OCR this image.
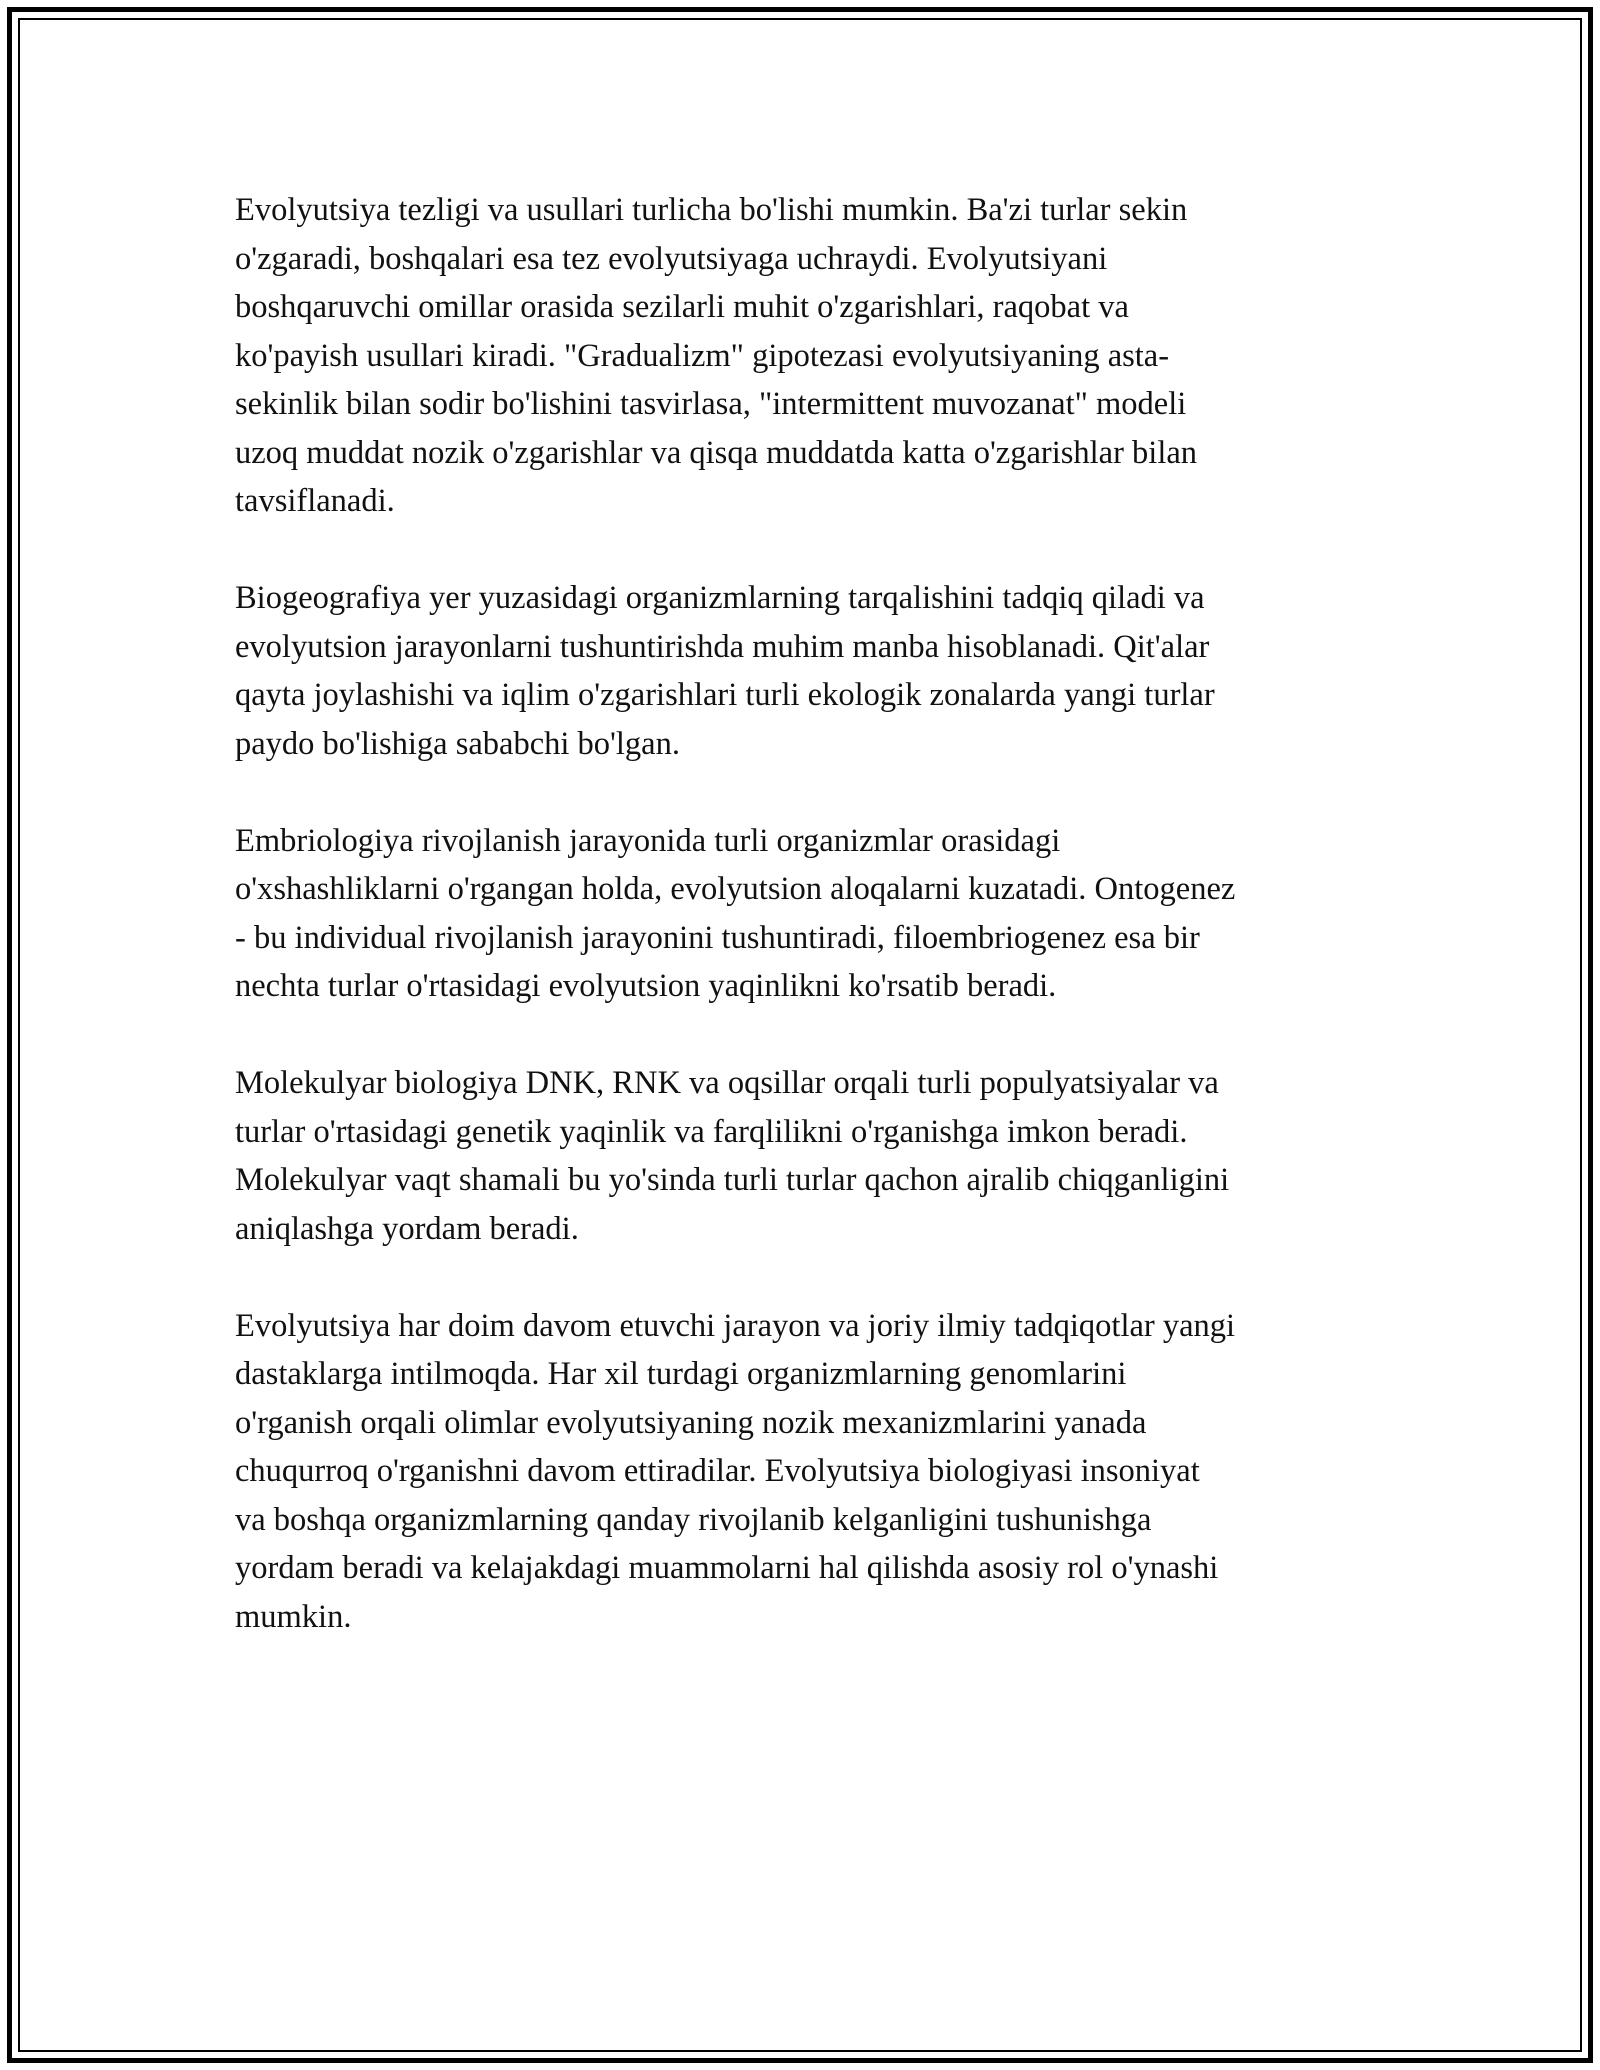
Evolyutsiya tezligi va usullari turlicha bo'lishi mumkin. Ba'zi turlar sekin
o'zgaradi, boshqalari esa tez evolyutsiyaga uchraydi. Evolyutsiyani
boshqaruvchi omillar orasida sezilarli muhit o'zgarishlari, raqobat va
ko'payish usullari kiradi. "Gradualizm" gipotezasi evolyutsiyaning asta-
sekinlik bilan sodir bo'lishini tasvirlasa, "intermittent muvozanat" modeli
uzoq muddat nozik o'zgarishlar va qisqa muddatda katta o'zgarishlar bilan
tavsiflanadi.

Biogeografiya yer yuzasidagi organizmlarning tarqalishini tadqiq qiladi va
evolyutsion jarayonlarni tushuntirishda muhim manba hisoblanadi. Qit'alar
qayta joylashishi va iqlim o'zgarishlari turli ekologik zonalarda yangi turlar
paydo bo'lishiga sababchi bo'lgan.

Embriologiya rivojlanish jarayonida turli organizmlar orasidagi
o'xshashliklarni o'rgangan holda, evolyutsion aloqalarni kuzatadi. Ontogenez
- bu individual rivojlanish jarayonini tushuntiradi, filoembriogenez esa bir
nechta turlar o'rtasidagi evolyutsion yaqinlikni ko'rsatib beradi.

Molekulyar biologiya DNK, RNK va oqsillar orqali turli populyatsiyalar va
turlar o'rtasidagi genetik yaqinlik va farqlilikni o'rganishga imkon beradi.
Molekulyar vaqt shamali bu yo'sinda turli turlar qachon ajralib chiqganligini
aniqlashga yordam beradi.

Evolyutsiya har doim davom etuvchi jarayon va joriy ilmiy tadqiqotlar yangi
dastaklarga intilmoqda. Har xil turdagi organizmlarning genomlarini
o'rganish orqali olimlar evolyutsiyaning nozik mexanizmlarini yanada
chuqurroq o'rganishni davom ettiradilar. Evolyutsiya biologiyasi insoniyat
va boshqa organizmlarning qanday rivojlanib kelganligini tushunishga
yordam beradi va kelajakdagi muammolarni hal qilishda asosiy rol o'ynashi
mumkin.
